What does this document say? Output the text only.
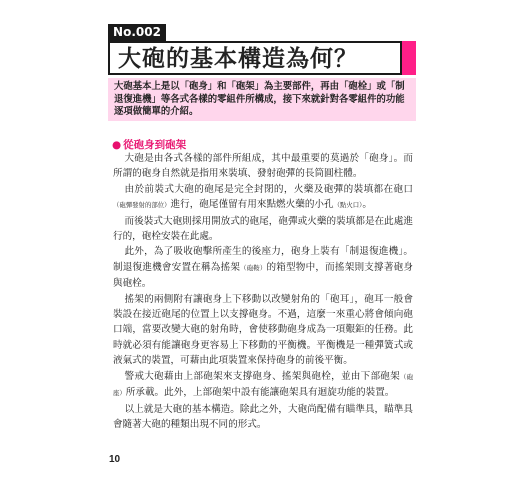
No.002
大砲的基本構造為何？
大砲基本上是以「砲身」和「砲架」為主要部件，再由「砲栓」或「制退復進機」等各式各樣的零組件所構成，接下來就針對各零組件的功能逐項做簡單的介紹。
● 從砲身到砲架

大砲是由各式各樣的部件所組成，其中最重要的莫過於「砲身」。而所謂的砲身自然就是指用來裝填、發射砲彈的長筒圓柱體。

由於前裝式大砲的砲尾是完全封閉的，火藥及砲彈的裝填都在砲口（砲彈發射的部位）進行，砲尾僅留有用來點燃火藥的小孔（點火口）。

而後裝式大砲則採用開放式的砲尾，砲彈或火藥的裝填都是在此處進行的，砲栓安裝在此處。

此外，為了吸收砲擊所產生的後座力，砲身上裝有「制退復進機」。制退復進機會安置在稱為搖架（砲鞍）的箱型物中，而搖架則支撐著砲身與砲栓。

搖架的兩側附有讓砲身上下移動以改變射角的「砲耳」，砲耳一般會裝設在接近砲尾的位置上以支撐砲身。不過，這麼一來重心將會傾向砲口端，當要改變大砲的射角時，會使移動砲身成為一項艱鉅的任務。此時就必須有能讓砲身更容易上下移動的平衡機。平衡機是一種彈簧式或液氣式的裝置，可藉由此項裝置來保持砲身的前後平衡。

警戒大砲藉由上部砲架來支撐砲身、搖架與砲栓，並由下部砲架（砲座）所承載。此外，上部砲架中設有能讓砲架具有迴旋功能的裝置。

以上就是大砲的基本構造。除此之外，大砲尚配備有瞄準具，瞄準具會隨著大砲的種類出現不同的形式。

10
